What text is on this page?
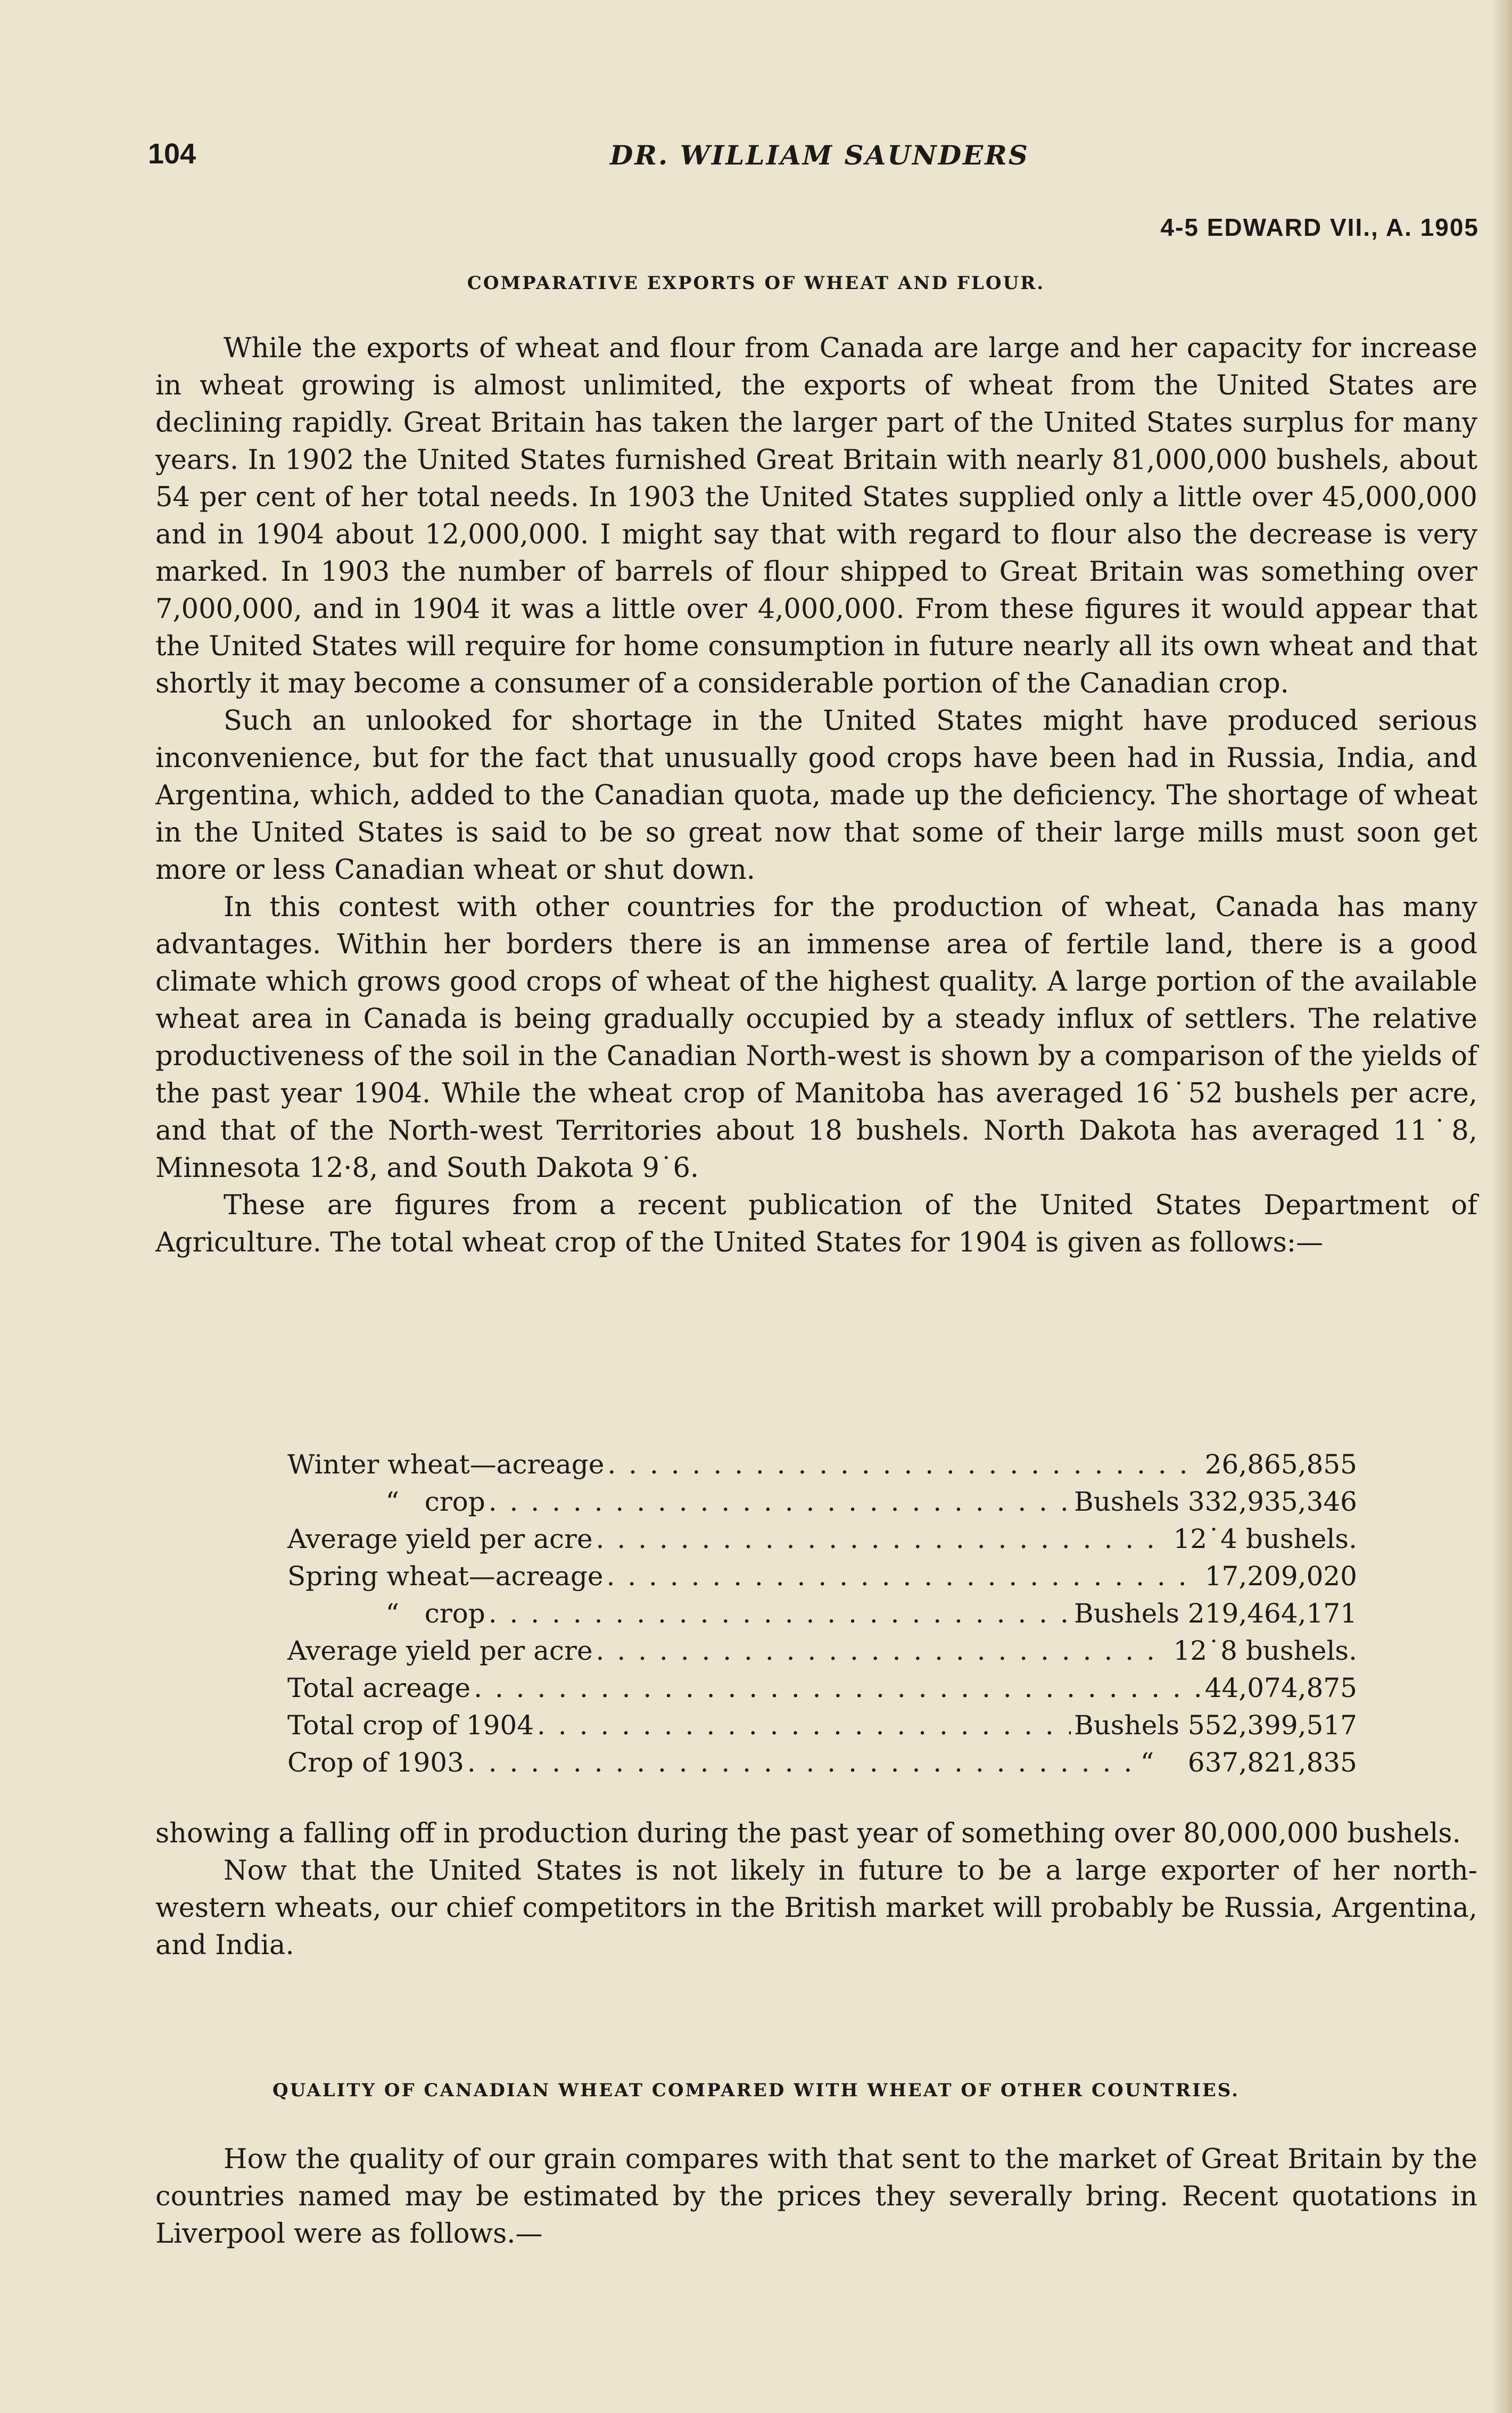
104	DR. WILLIAM SAUNDERS
4-5 EDWARD VII., A. 1905
COMPARATIVE EXPORTS OF WHEAT AND FLOUR.

While the exports of wheat and flour from Canada are large and her capacity for increase in wheat growing is almost unlimited, the exports of wheat from the United States are declining rapidly. Great Britain has taken the larger part of the United States surplus for many years. In 1902 the United States furnished Great Britain with nearly 81,000,000 bushels, about 54 per cent of her total needs. In 1903 the United States supplied only a little over 45,000,000 and in 1904 about 12,000,000. I might say that with regard to flour also the decrease is very marked. In 1903 the number of barrels of flour shipped to Great Britain was something over 7,000,000, and in 1904 it was a little over 4,000,000. From these figures it would appear that the United States will require for home consumption in future nearly all its own wheat and that shortly it may become a consumer of a considerable portion of the Canadian crop.

Such an unlooked for shortage in the United States might have produced serious inconvenience, but for the fact that unusually good crops have been had in Russia, India, and Argentina, which, added to the Canadian quota, made up the deficiency. The shortage of wheat in the United States is said to be so great now that some of their large mills must soon get more or less Canadian wheat or shut down.

In this contest with other countries for the production of wheat, Canada has many advantages. Within her borders there is an immense area of fertile land, there is a good climate which grows good crops of wheat of the highest quality. A large portion of the available wheat area in Canada is being gradually occupied by a steady influx of settlers. The relative productiveness of the soil in the Canadian North-west is shown by a comparison of the yields of the past year 1904. While the wheat crop of Manitoba has averaged 16˙52 bushels per acre, and that of the North-west Territories about 18 bushels. North Dakota has averaged 11˙8, Minnesota 12·8, and South Dakota 9˙6.

These are figures from a recent publication of the United States Department of Agriculture. The total wheat crop of the United States for 1904 is given as follows:—

Winter wheat—acreage . . .	26,865,855
“ crop . . .	Bushels 332,935,346
Average yield per acre . . .	12˙4 bushels.
Spring wheat—acreage . . .	17,209,020
“ crop . . .	Bushels 219,464,171
Average yield per acre . . .	12˙8 bushels.
Total acreage . . .	44,074,875
Total crop of 1904 . . .	Bushels 552,399,517
Crop of 1903 . . .	“ 637,821,835

showing a falling off in production during the past year of something over 80,000,000 bushels.

Now that the United States is not likely in future to be a large exporter of her north-western wheats, our chief competitors in the British market will probably be Russia, Argentina, and India.

QUALITY OF CANADIAN WHEAT COMPARED WITH WHEAT OF OTHER COUNTRIES.

How the quality of our grain compares with that sent to the market of Great Britain by the countries named may be estimated by the prices they severally bring. Recent quotations in Liverpool were as follows.—
